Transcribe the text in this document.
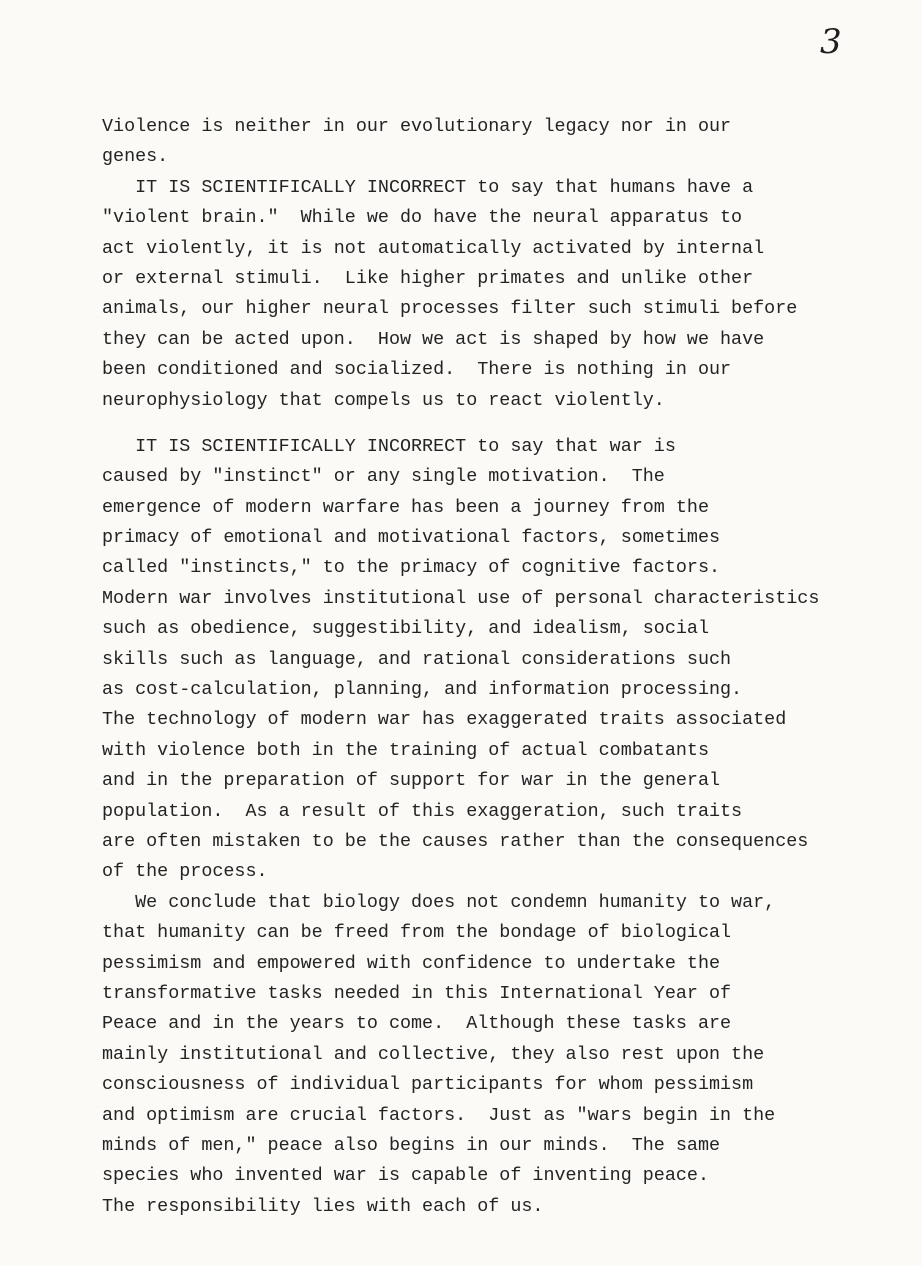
3
Violence is neither in our evolutionary legacy nor in our
genes.
IT IS SCIENTIFICALLY INCORRECT to say that humans have a
"violent brain."  While we do have the neural apparatus to
act violently, it is not automatically activated by internal
or external stimuli.  Like higher primates and unlike other
animals, our higher neural processes filter such stimuli before
they can be acted upon.  How we act is shaped by how we have
been conditioned and socialized.  There is nothing in our
neurophysiology that compels us to react violently.
IT IS SCIENTIFICALLY INCORRECT to say that war is
caused by "instinct" or any single motivation.  The
emergence of modern warfare has been a journey from the
primacy of emotional and motivational factors, sometimes
called "instincts," to the primacy of cognitive factors.
Modern war involves institutional use of personal characteristics
such as obedience, suggestibility, and idealism, social
skills such as language, and rational considerations such
as cost-calculation, planning, and information processing.
The technology of modern war has exaggerated traits associated
with violence both in the training of actual combatants
and in the preparation of support for war in the general
population.  As a result of this exaggeration, such traits
are often mistaken to be the causes rather than the consequences
of the process.
We conclude that biology does not condemn humanity to war,
that humanity can be freed from the bondage of biological
pessimism and empowered with confidence to undertake the
transformative tasks needed in this International Year of
Peace and in the years to come.  Although these tasks are
mainly institutional and collective, they also rest upon the
consciousness of individual participants for whom pessimism
and optimism are crucial factors.  Just as "wars begin in the
minds of men," peace also begins in our minds.  The same
species who invented war is capable of inventing peace.
The responsibility lies with each of us.
